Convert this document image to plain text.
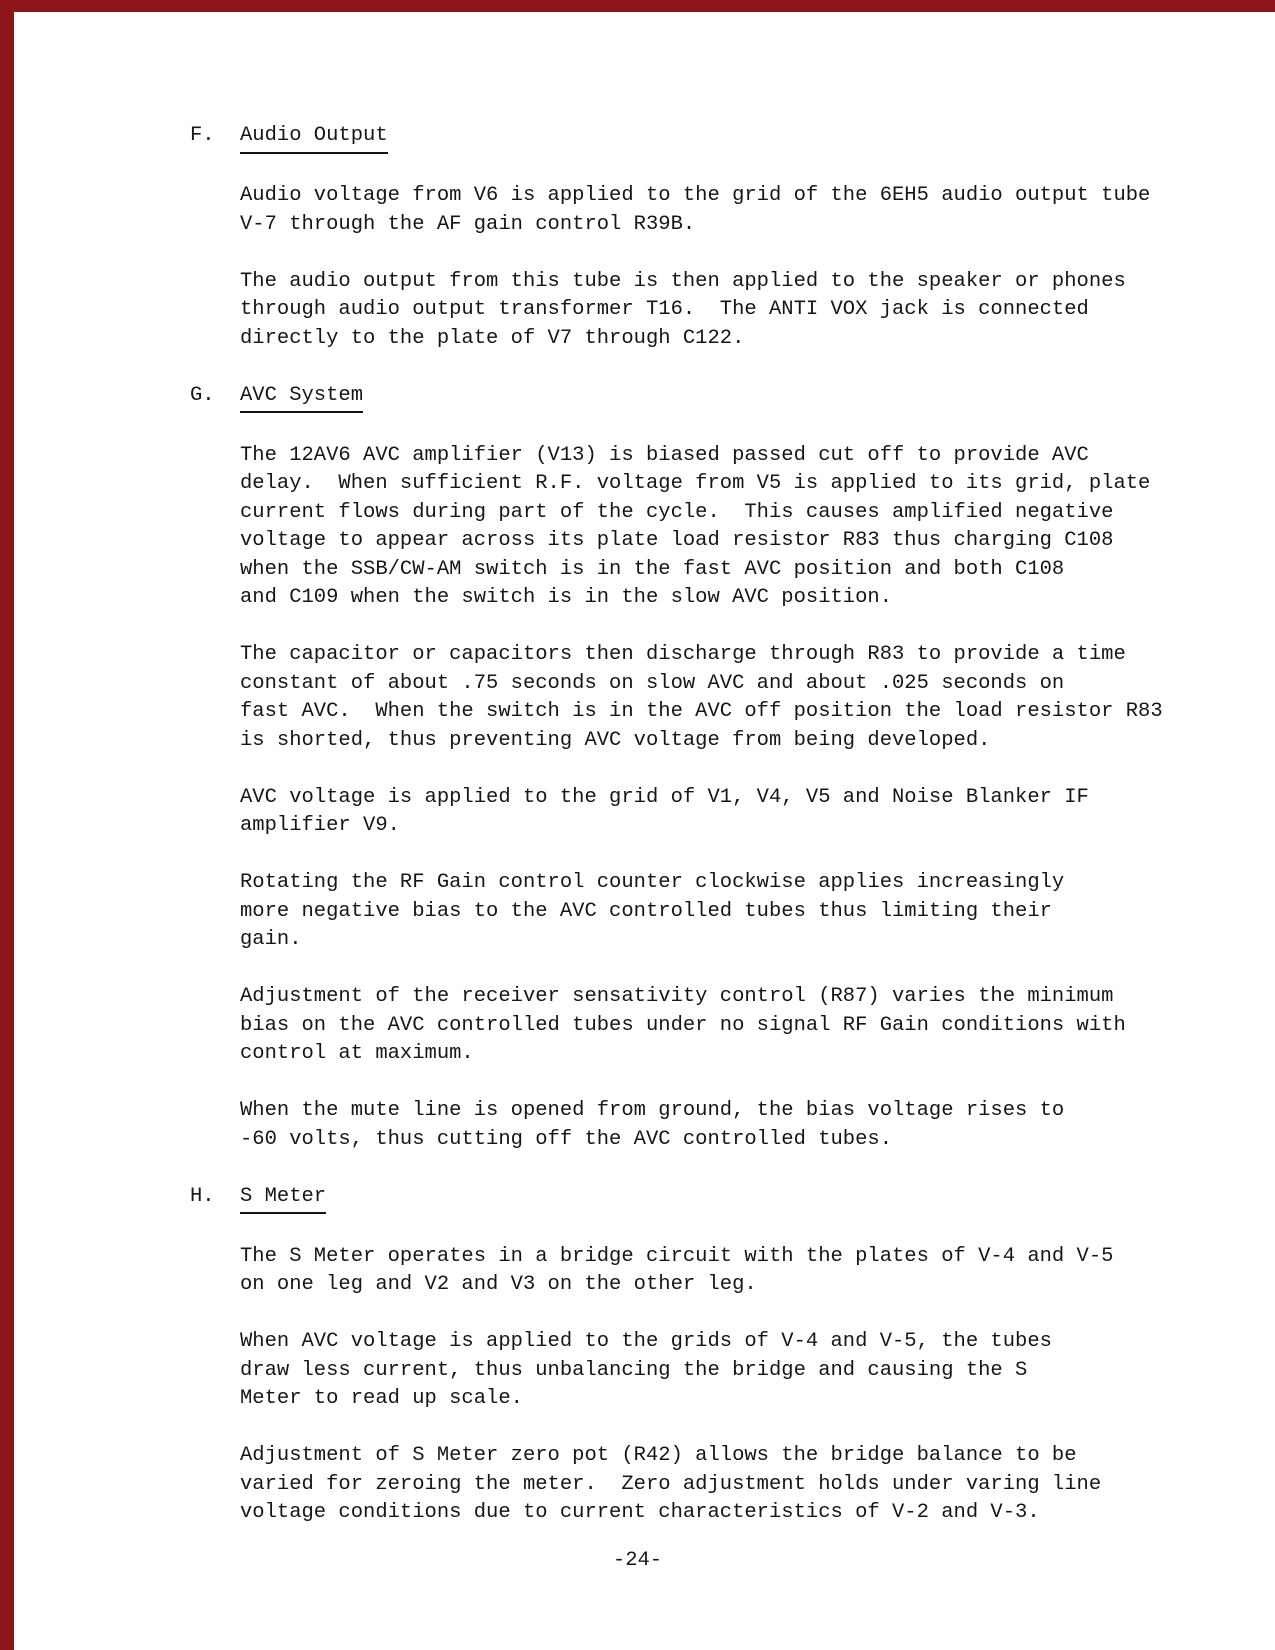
F. Audio Output

Audio voltage from V6 is applied to the grid of the 6EH5 audio output tube
V-7 through the AF gain control R39B.

The audio output from this tube is then applied to the speaker or phones
through audio output transformer T16.  The ANTI VOX jack is connected
directly to the plate of V7 through C122.

G. AVC System

The 12AV6 AVC amplifier (V13) is biased passed cut off to provide AVC
delay.  When sufficient R.F. voltage from V5 is applied to its grid, plate
current flows during part of the cycle.  This causes amplified negative
voltage to appear across its plate load resistor R83 thus charging C108
when the SSB/CW-AM switch is in the fast AVC position and both C108
and C109 when the switch is in the slow AVC position.

The capacitor or capacitors then discharge through R83 to provide a time
constant of about .75 seconds on slow AVC and about .025 seconds on
fast AVC.  When the switch is in the AVC off position the load resistor R83
is shorted, thus preventing AVC voltage from being developed.

AVC voltage is applied to the grid of V1, V4, V5 and Noise Blanker IF
amplifier V9.

Rotating the RF Gain control counter clockwise applies increasingly
more negative bias to the AVC controlled tubes thus limiting their
gain.

Adjustment of the receiver sensativity control (R87) varies the minimum
bias on the AVC controlled tubes under no signal RF Gain conditions with
control at maximum.

When the mute line is opened from ground, the bias voltage rises to
-60 volts, thus cutting off the AVC controlled tubes.

H. S Meter

The S Meter operates in a bridge circuit with the plates of V-4 and V-5
on one leg and V2 and V3 on the other leg.

When AVC voltage is applied to the grids of V-4 and V-5, the tubes
draw less current, thus unbalancing the bridge and causing the S
Meter to read up scale.

Adjustment of S Meter zero pot (R42) allows the bridge balance to be
varied for zeroing the meter.  Zero adjustment holds under varing line
voltage conditions due to current characteristics of V-2 and V-3.

-24-
